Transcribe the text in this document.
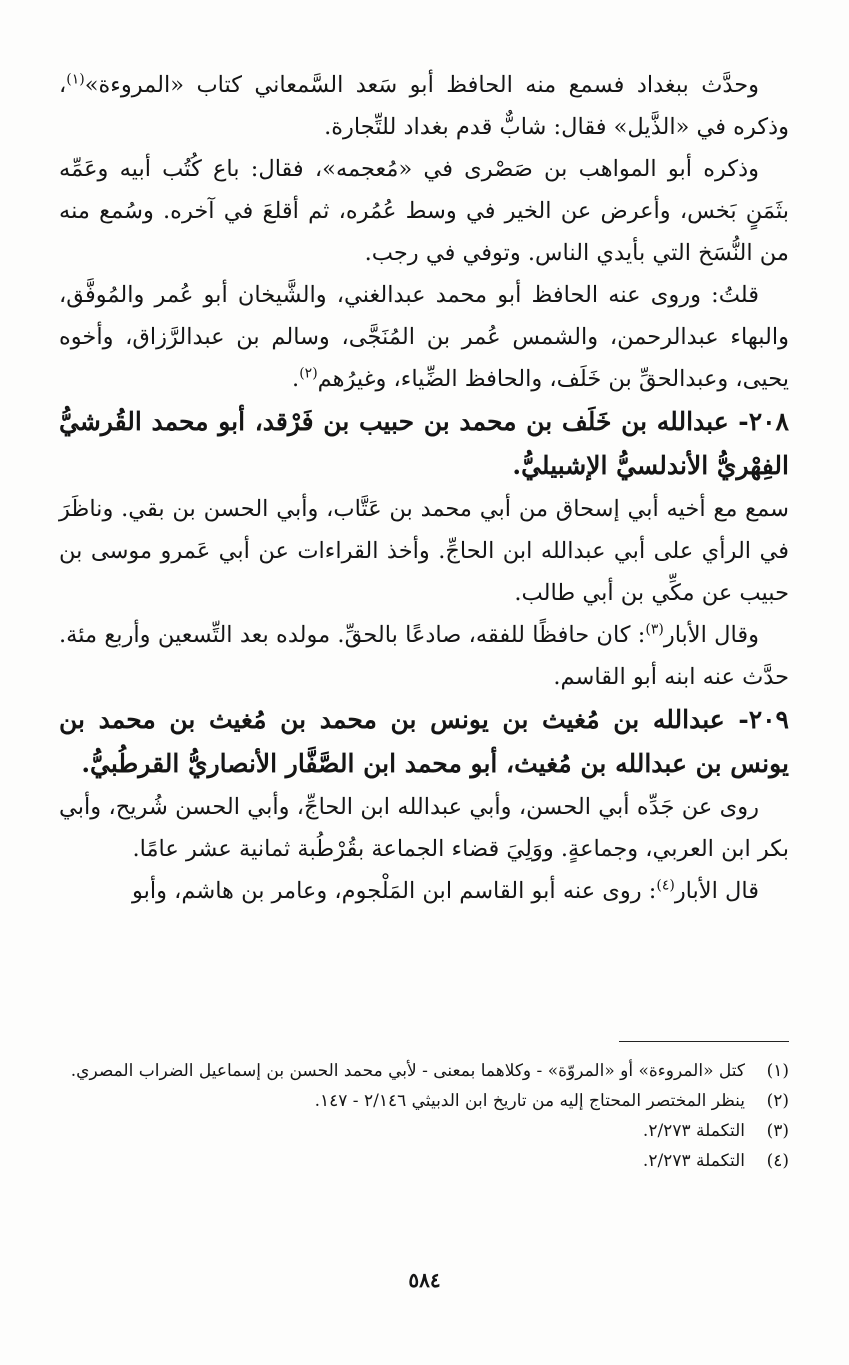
وحدَّث ببغداد فسمع منه الحافظ أبو سَعد السَّمعاني كتاب «المروءة»$^{(١)}$، وذكره في «الذَّيل» فقال: شابٌّ قدم بغداد للتِّجارة.

وذكره أبو المواهب بن صَصْرى في «مُعجمه»، فقال: باع كُتُب أبيه وعَمِّه بثَمَنٍ بَخس، وأعرض عن الخير في وسط عُمُره، ثم أقلعَ في آخره. وسُمع منه من النُّسَخ التي بأيدي الناس. وتوفي في رجب.

قلتُ: وروى عنه الحافظ أبو محمد عبدالغني، والشَّيخان أبو عُمر والمُوفَّق، والبهاء عبدالرحمن، والشمس عُمر بن المُنَجَّى، وسالم بن عبدالرَّزاق، وأخوه يحيى، وعبدالحقِّ بن خَلَف، والحافظ الضِّياء، وغيرُهم$^{(٢)}$.

٢٠٨- عبدالله بن خَلَف بن محمد بن حبيب بن فَرْقد، أبو محمد القُرشيُّ الفِهْريُّ الأندلسيُّ الإشبيليُّ.

سمع مع أخيه أبي إسحاق من أبي محمد بن عَتَّاب، وأبي الحسن بن بقي. وناظَرَ في الرأي على أبي عبدالله ابن الحاجِّ. وأخذ القراءات عن أبي عَمرو موسى بن حبيب عن مكِّي بن أبي طالب.

وقال الأبار$^{(٣)}$: كان حافظًا للفقه، صادعًا بالحقِّ. مولده بعد التِّسعين وأربع مئة. حدَّث عنه ابنه أبو القاسم.

٢٠٩- عبدالله بن مُغيث بن يونس بن محمد بن مُغيث بن محمد بن يونس بن عبدالله بن مُغيث، أبو محمد ابن الصَّفَّار الأنصاريُّ القرطُبيُّ.

روى عن جَدِّه أبي الحسن، وأبي عبدالله ابن الحاجِّ، وأبي الحسن شُريح، وأبي بكر ابن العربي، وجماعةٍ. ووَلِيَ قضاء الجماعة بقُرْطُبة ثمانية عشر عامًا.

قال الأبار$^{(٤)}$: روى عنه أبو القاسم ابن المَلْجوم، وعامر بن هاشم، وأبو

(١)
كتل «المروءة» أو «المروّة» - وكلاهما بمعنى - لأبي محمد الحسن بن إسماعيل الضراب المصري.

(٢)
ينظر المختصر المحتاج إليه من تاريخ ابن الدبيثي ٢/١٤٦ - ١٤٧.

(٣)
التكملة ٢/٢٧٣.

(٤)
التكملة ٢/٢٧٣.

٥٨٤
